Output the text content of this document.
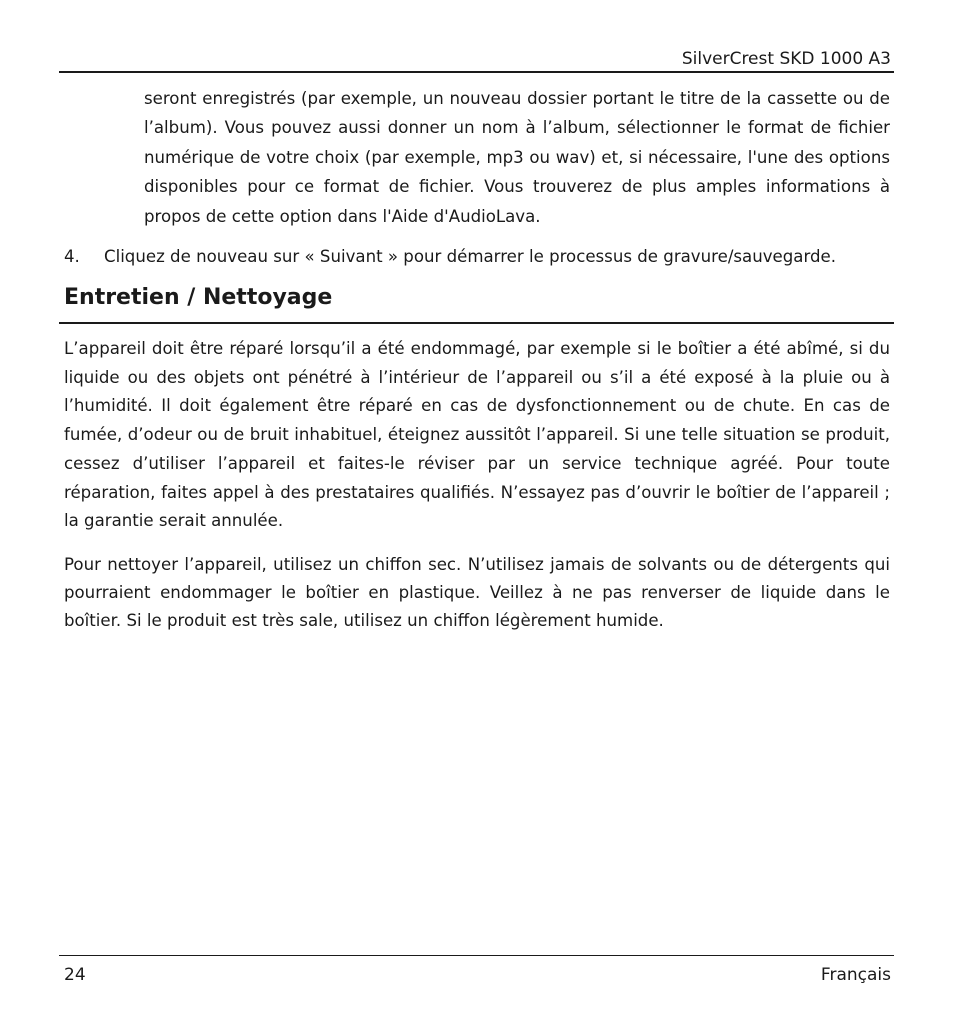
SilverCrest SKD 1000 A3

seront enregistrés (par exemple, un nouveau dossier portant le titre de la cassette ou de l’album). Vous pouvez aussi donner un nom à l’album, sélectionner le format de fichier numérique de votre choix (par exemple, mp3 ou wav) et, si nécessaire, l'une des options disponibles pour ce format de fichier. Vous trouverez de plus amples informations à propos de cette option dans l'Aide d'AudioLava.

4. Cliquez de nouveau sur « Suivant » pour démarrer le processus de gravure/sauvegarde.
Entretien / Nettoyage

L’appareil doit être réparé lorsqu’il a été endommagé, par exemple si le boîtier a été abîmé, si du liquide ou des objets ont pénétré à l’intérieur de l’appareil ou s’il a été exposé à la pluie ou à l’humidité. Il doit également être réparé en cas de dysfonctionnement ou de chute. En cas de fumée, d’odeur ou de bruit inhabituel, éteignez aussitôt l’appareil. Si une telle situation se produit, cessez d’utiliser l’appareil et faites-le réviser par un service technique agréé. Pour toute réparation, faites appel à des prestataires qualifiés. N’essayez pas d’ouvrir le boîtier de l’appareil ; la garantie serait annulée.

Pour nettoyer l’appareil, utilisez un chiffon sec. N’utilisez jamais de solvants ou de détergents qui pourraient endommager le boîtier en plastique. Veillez à ne pas renverser de liquide dans le boîtier. Si le produit est très sale, utilisez un chiffon légèrement humide.

24	Français
